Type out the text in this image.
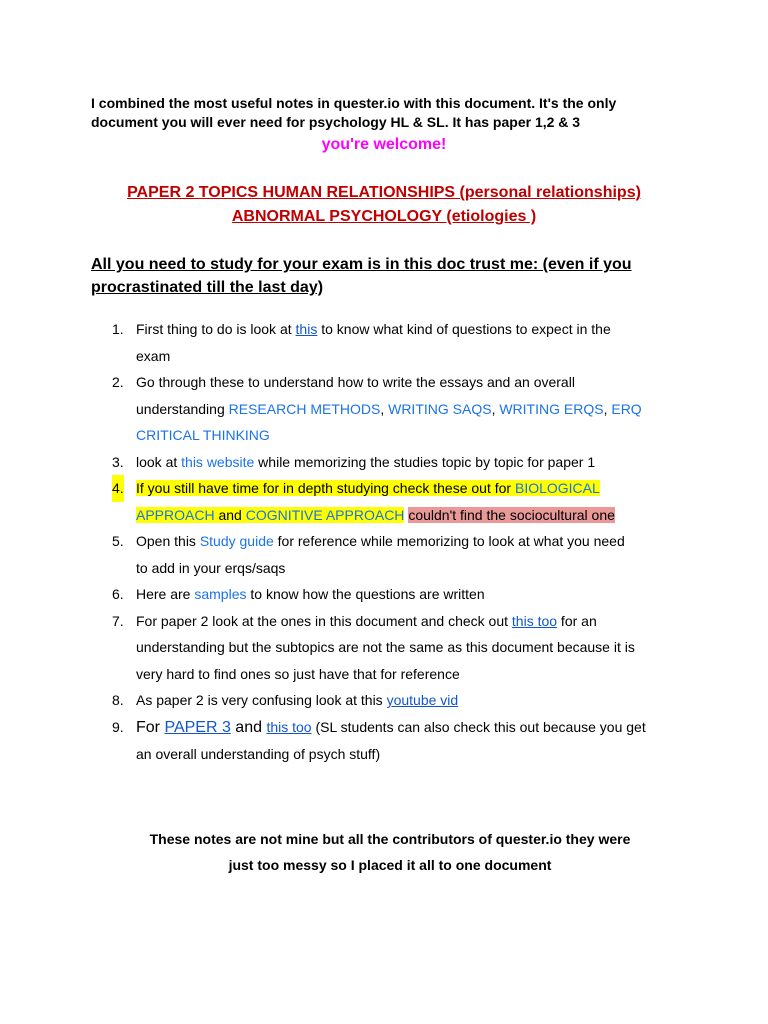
I combined the most useful notes in quester.io with this document. It's the only
document you will ever need for psychology HL & SL. It has paper 1,2 & 3
you're welcome!
PAPER 2 TOPICS HUMAN RELATIONSHIPS (personal relationships)
ABNORMAL PSYCHOLOGY (etiologies )
All you need to study for your exam is in this doc trust me: (even if you
procrastinated till the last day)
1. First thing to do is look at this to know what kind of questions to expect in the
exam
2. Go through these to understand how to write the essays and an overall
understanding RESEARCH METHODS, WRITING SAQS, WRITING ERQS, ERQ
CRITICAL THINKING
3. look at this website while memorizing the studies topic by topic for paper 1
4. If you still have time for in depth studying check these out for BIOLOGICAL
APPROACH and COGNITIVE APPROACH couldn't find the sociocultural one
5. Open this Study guide for reference while memorizing to look at what you need
to add in your erqs/saqs
6. Here are samples to know how the questions are written
7. For paper 2 look at the ones in this document and check out this too for an
understanding but the subtopics are not the same as this document because it is
very hard to find ones so just have that for reference
8. As paper 2 is very confusing look at this youtube vid
9. For PAPER 3 and this too (SL students can also check this out because you get
an overall understanding of psych stuff)
These notes are not mine but all the contributors of quester.io they were
just too messy so I placed it all to one document
